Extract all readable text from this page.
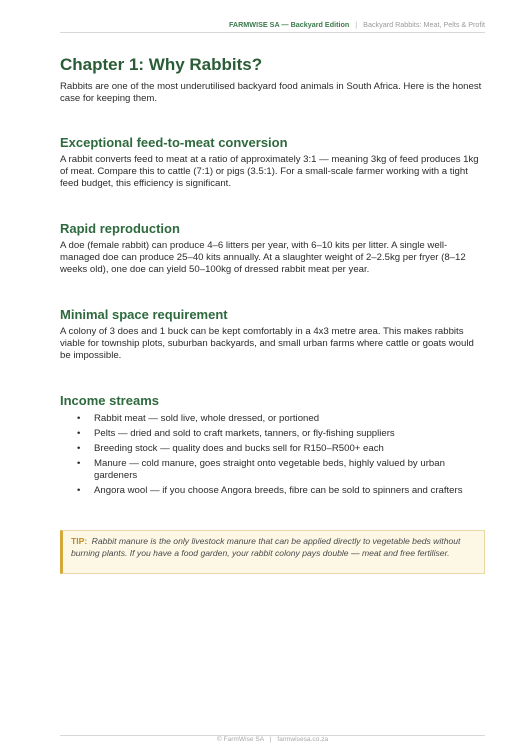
FARMWISE SA — Backyard Edition | Backyard Rabbits: Meat, Pelts & Profit
Chapter 1: Why Rabbits?

Rabbits are one of the most underutilised backyard food animals in South Africa. Here is the honest case for keeping them.

Exceptional feed-to-meat conversion

A rabbit converts feed to meat at a ratio of approximately 3:1 — meaning 3kg of feed produces 1kg of meat. Compare this to cattle (7:1) or pigs (3.5:1). For a small-scale farmer working with a tight feed budget, this efficiency is significant.

Rapid reproduction

A doe (female rabbit) can produce 4–6 litters per year, with 6–10 kits per litter. A single well-managed doe can produce 25–40 kits annually. At a slaughter weight of 2–2.5kg per fryer (8–12 weeks old), one doe can yield 50–100kg of dressed rabbit meat per year.

Minimal space requirement

A colony of 3 does and 1 buck can be kept comfortably in a 4x3 metre area. This makes rabbits viable for township plots, suburban backyards, and small urban farms where cattle or goats would be impossible.

Income streams
• Rabbit meat — sold live, whole dressed, or portioned
• Pelts — dried and sold to craft markets, tanners, or fly-fishing suppliers
• Breeding stock — quality does and bucks sell for R150–R500+ each
• Manure — cold manure, goes straight onto vegetable beds, highly valued by urban gardeners
• Angora wool — if you choose Angora breeds, fibre can be sold to spinners and crafters
TIP: Rabbit manure is the only livestock manure that can be applied directly to vegetable beds without burning plants. If you have a food garden, your rabbit colony pays double — meat and free fertiliser.
© FarmWise SA | farmwisesa.co.za
